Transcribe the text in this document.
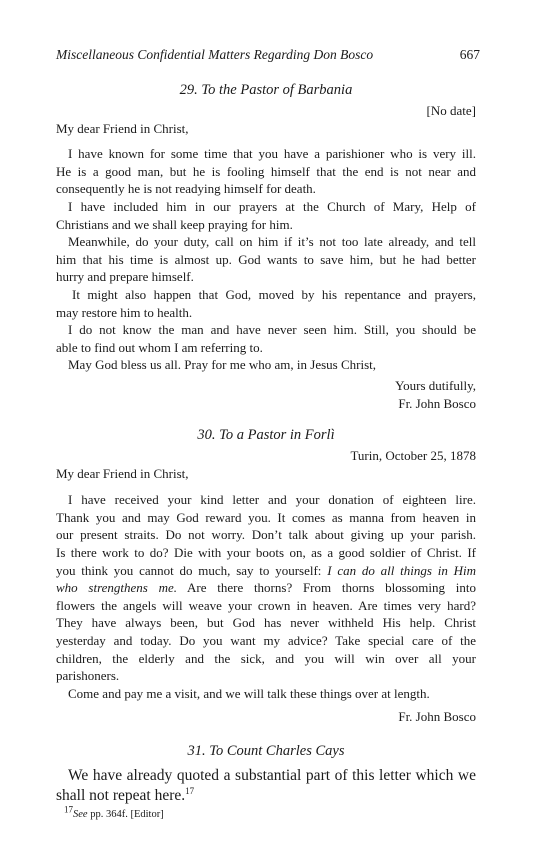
Miscellaneous Confidential Matters Regarding Don Bosco	667
29. To the Pastor of Barbania
[No date]
My dear Friend in Christ,
I have known for some time that you have a parishioner who is very ill.
He is a good man, but he is fooling himself that the end is not near and
consequently he is not readying himself for death.
I have included him in our prayers at the Church of Mary, Help of
Christians and we shall keep praying for him.
Meanwhile, do your duty, call on him if it’s not too late already, and tell
him that his time is almost up. God wants to save him, but he had better
hurry and prepare himself.
It might also happen that God, moved by his repentance and prayers,
may restore him to health.
I do not know the man and have never seen him. Still, you should be
able to find out whom I am referring to.
May God bless us all. Pray for me who am, in Jesus Christ,
Yours dutifully,
Fr. John Bosco
30. To a Pastor in Forlì
Turin, October 25, 1878
My dear Friend in Christ,
I have received your kind letter and your donation of eighteen lire.
Thank you and may God reward you. It comes as manna from heaven in
our present straits. Do not worry. Don’t talk about giving up your parish.
Is there work to do? Die with your boots on, as a good soldier of Christ. If
you think you cannot do much, say to yourself: I can do all things in Him
who strengthens me. Are there thorns? From thorns blossoming into
flowers the angels will weave your crown in heaven. Are times very hard?
They have always been, but God has never withheld His help. Christ
yesterday and today. Do you want my advice? Take special care of the
children, the elderly and the sick, and you will win over all your
parishoners.
Come and pay me a visit, and we will talk these things over at length.
Fr. John Bosco
31. To Count Charles Cays
We have already quoted a substantial part of this letter which we
shall not repeat here.$^{17}$
$^{17}$See pp. 364f. [Editor]
